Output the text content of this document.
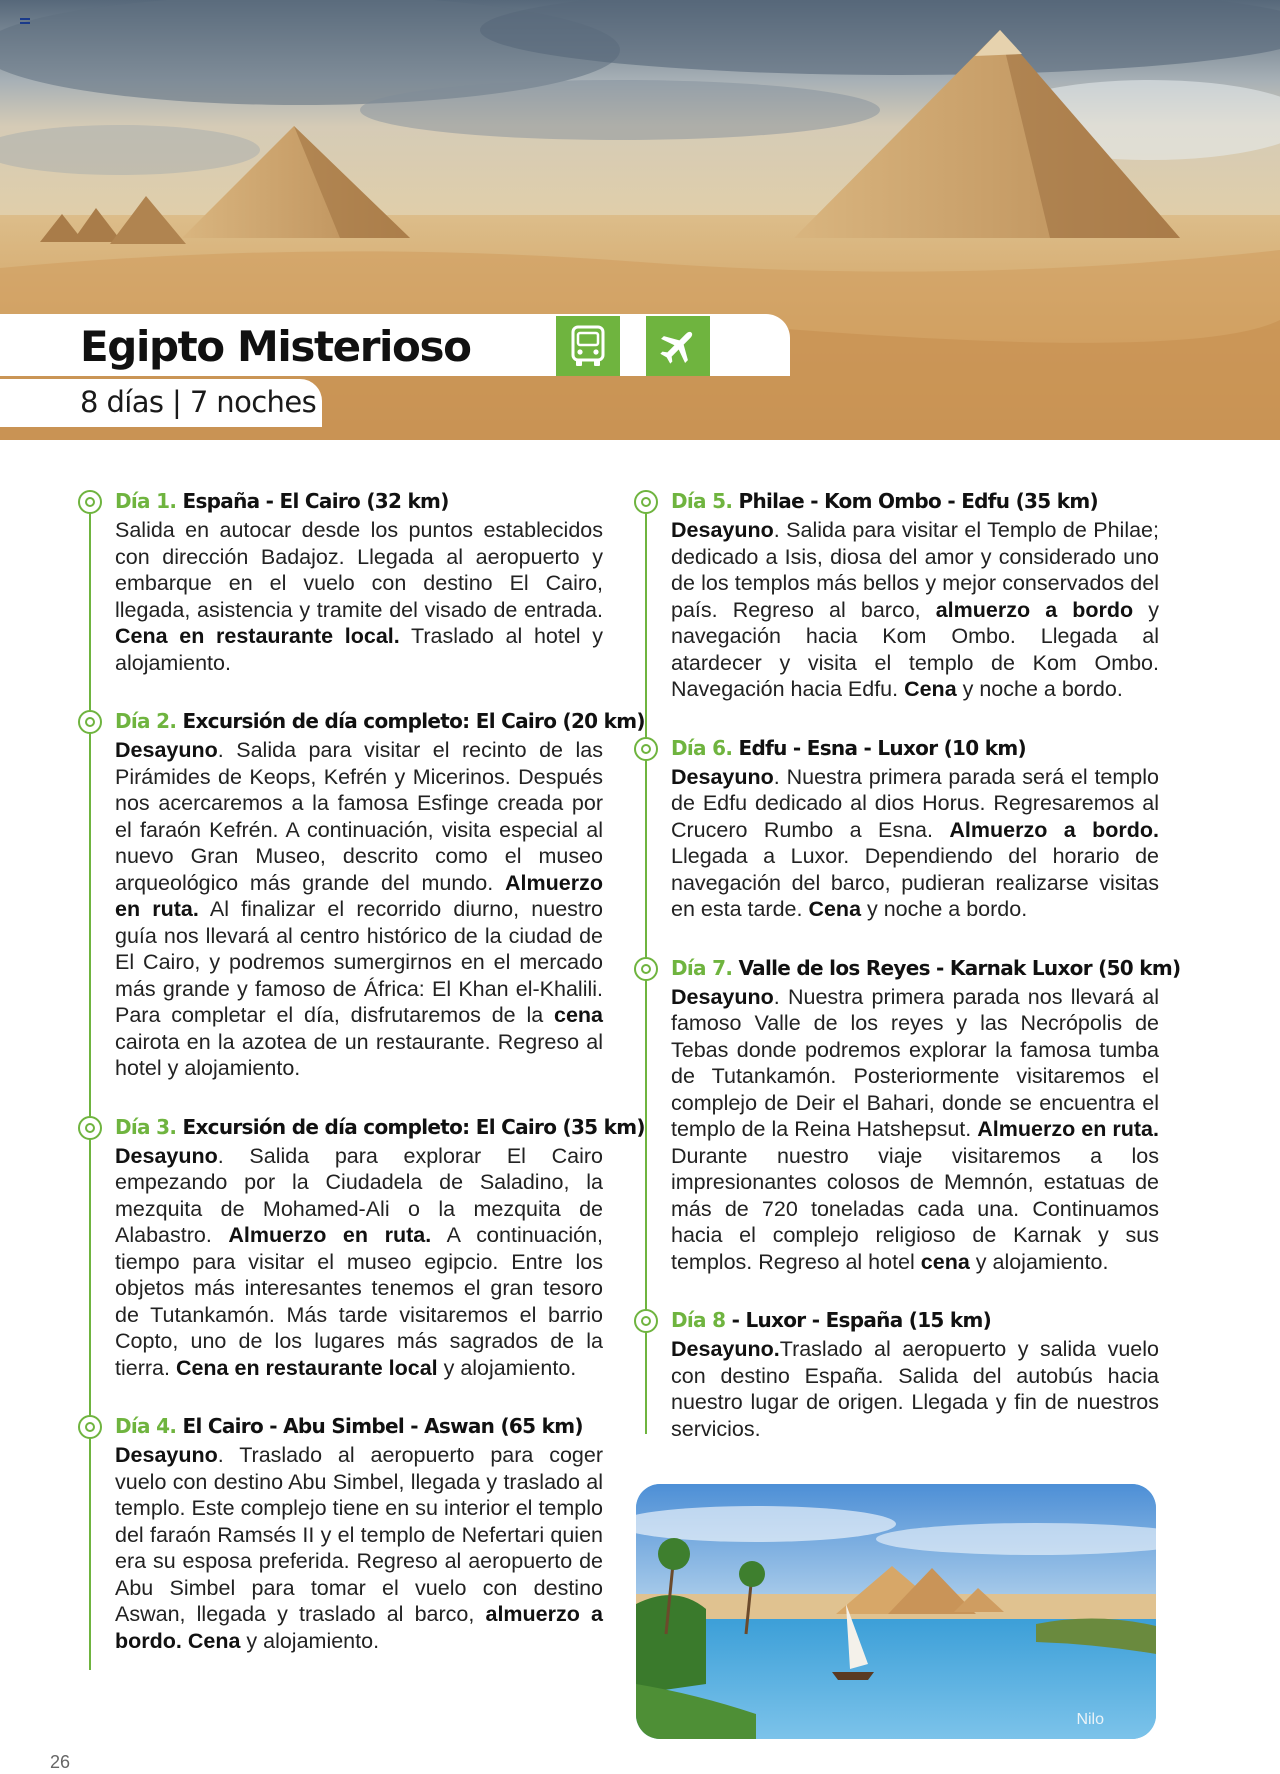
Egipto Misterioso
8 días | 7 noches
Día 1. España - El Cairo (32 km)
Salida en autocar desde los puntos establecidos con dirección Badajoz. Llegada al aeropuerto y embarque en el vuelo con destino El Cairo, llegada, asistencia y tramite del visado de entrada. Cena en restaurante local. Traslado al hotel y alojamiento.
Día 2. Excursión de día completo: El Cairo (20 km)
Desayuno. Salida para visitar el recinto de las Pirámides de Keops, Kefrén y Micerinos. Después nos acercaremos a la famosa Esfinge creada por el faraón Kefrén. A continuación, visita especial al nuevo Gran Museo, descrito como el museo arqueológico más grande del mundo. Almuerzo en ruta. Al finalizar el recorrido diurno, nuestro guía nos llevará al centro histórico de la ciudad de El Cairo, y podremos sumergirnos en el mercado más grande y famoso de África: El Khan el-Khalili. Para completar el día, disfrutaremos de la cena cairota en la azotea de un restaurante. Regreso al hotel y alojamiento.
Día 3. Excursión de día completo: El Cairo (35 km)
Desayuno. Salida para explorar El Cairo empezando por la Ciudadela de Saladino, la mezquita de Mohamed-Ali o la mezquita de Alabastro. Almuerzo en ruta. A continuación, tiempo para visitar el museo egipcio. Entre los objetos más interesantes tenemos el gran tesoro de Tutankamón. Más tarde visitaremos el barrio Copto, uno de los lugares más sagrados de la tierra. Cena en restaurante local y alojamiento.
Día 4. El Cairo - Abu Simbel - Aswan (65 km)
Desayuno. Traslado al aeropuerto para coger vuelo con destino Abu Simbel, llegada y traslado al templo. Este complejo tiene en su interior el templo del faraón Ramsés II y el templo de Nefertari quien era su esposa preferida. Regreso al aeropuerto de Abu Simbel para tomar el vuelo con destino Aswan, llegada y traslado al barco, almuerzo a bordo. Cena y alojamiento.
Día 5. Philae - Kom Ombo - Edfu (35 km)
Desayuno. Salida para visitar el Templo de Philae; dedicado a Isis, diosa del amor y considerado uno de los templos más bellos y mejor conservados del país. Regreso al barco, almuerzo a bordo y navegación hacia Kom Ombo. Llegada al atardecer y visita el templo de Kom Ombo. Navegación hacia Edfu. Cena y noche a bordo.
Día 6. Edfu - Esna - Luxor (10 km)
Desayuno. Nuestra primera parada será el templo de Edfu dedicado al dios Horus. Regresaremos al Crucero Rumbo a Esna. Almuerzo a bordo. Llegada a Luxor. Dependiendo del horario de navegación del barco, pudieran realizarse visitas en esta tarde. Cena y noche a bordo.
Día 7. Valle de los Reyes - Karnak Luxor (50 km)
Desayuno. Nuestra primera parada nos llevará al famoso Valle de los reyes y las Necrópolis de Tebas donde podremos explorar la famosa tumba de Tutankamón. Posteriormente visitaremos el complejo de Deir el Bahari, donde se encuentra el templo de la Reina Hatshepsut. Almuerzo en ruta. Durante nuestro viaje visitaremos a los impresionantes colosos de Memnón, estatuas de más de 720 toneladas cada una. Continuamos hacia el complejo religioso de Karnak y sus templos. Regreso al hotel cena y alojamiento.
Día 8 - Luxor - España (15 km)
Desayuno.Traslado al aeropuerto y salida vuelo con destino España. Salida del autobús hacia nuestro lugar de origen. Llegada y fin de nuestros servicios.
Nilo
26
